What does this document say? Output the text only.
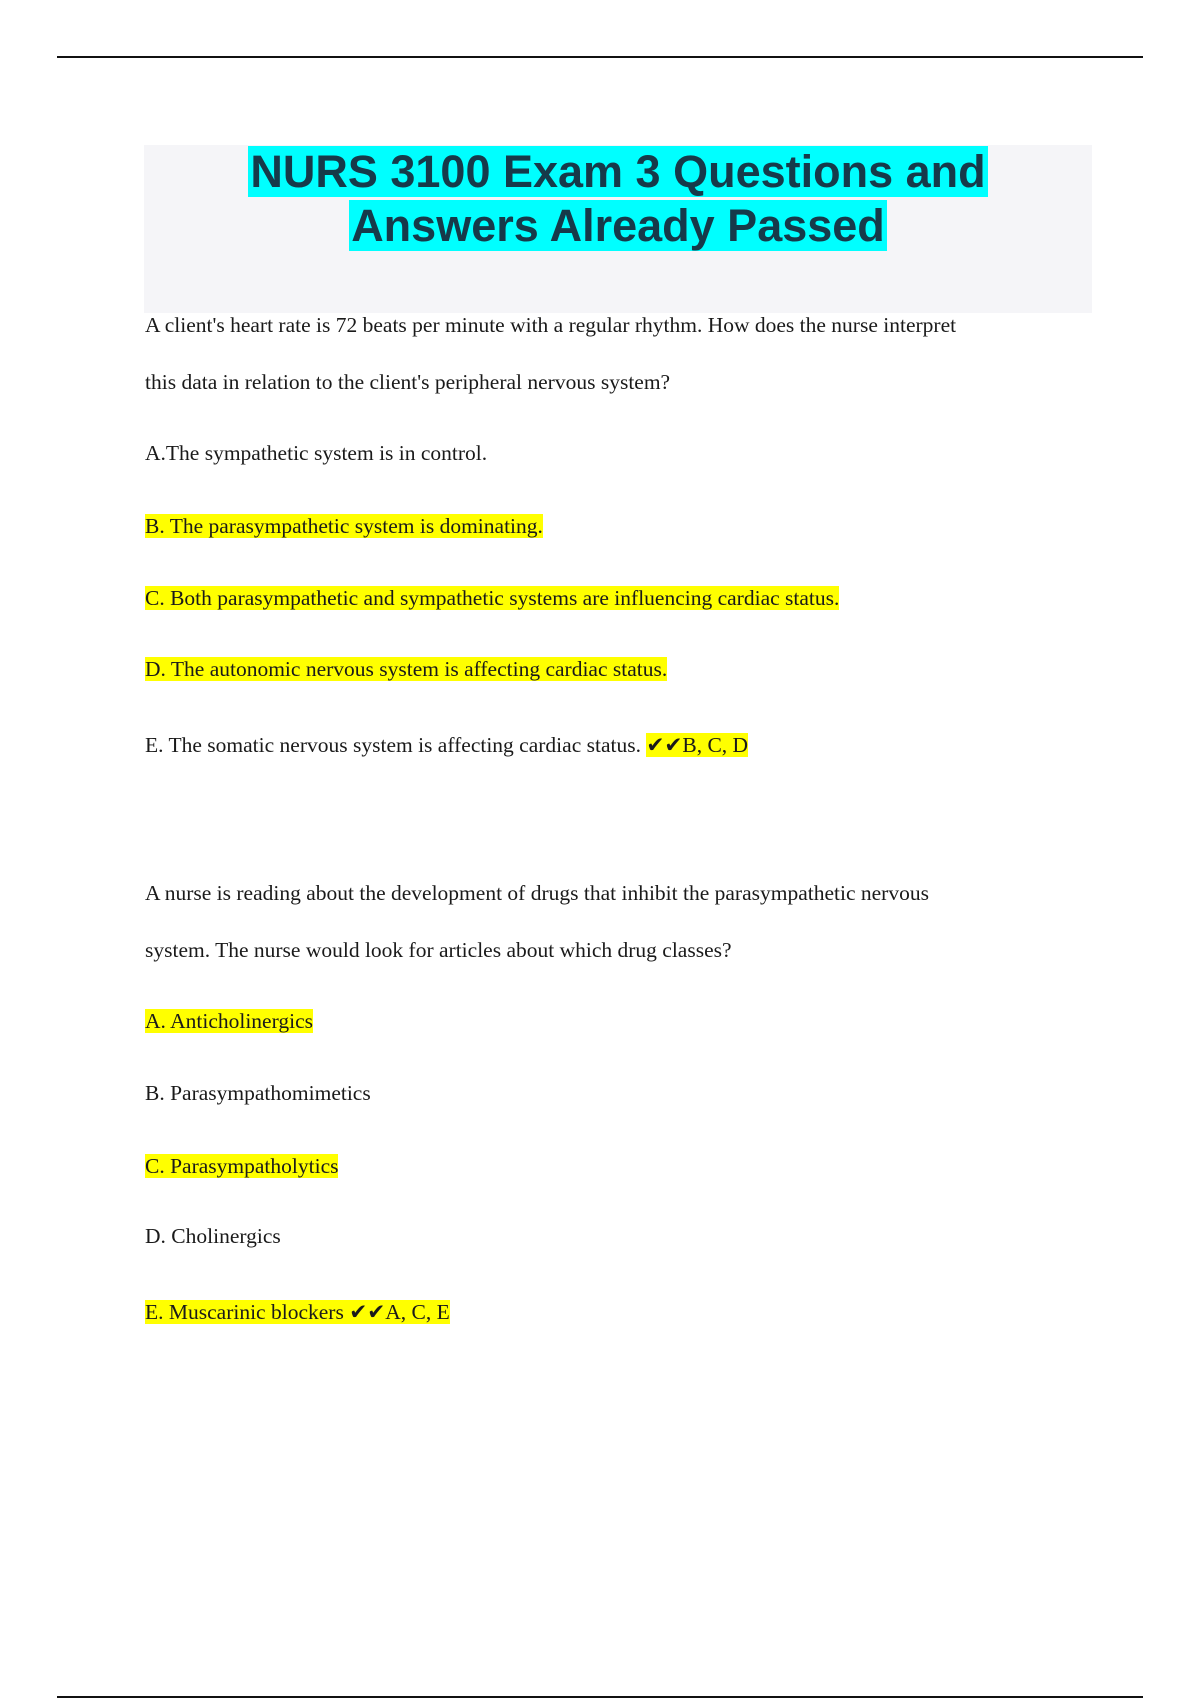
NURS 3100 Exam 3 Questions and
Answers Already Passed

A client's heart rate is 72 beats per minute with a regular rhythm. How does the nurse interpret

this data in relation to the client's peripheral nervous system?

A.The sympathetic system is in control.

B. The parasympathetic system is dominating.

C. Both parasympathetic and sympathetic systems are influencing cardiac status.

D. The autonomic nervous system is affecting cardiac status.

E. The somatic nervous system is affecting cardiac status. ✔✔B, C, D

A nurse is reading about the development of drugs that inhibit the parasympathetic nervous

system. The nurse would look for articles about which drug classes?

A. Anticholinergics

B. Parasympathomimetics

C. Parasympatholytics

D. Cholinergics

E. Muscarinic blockers ✔✔A, C, E
